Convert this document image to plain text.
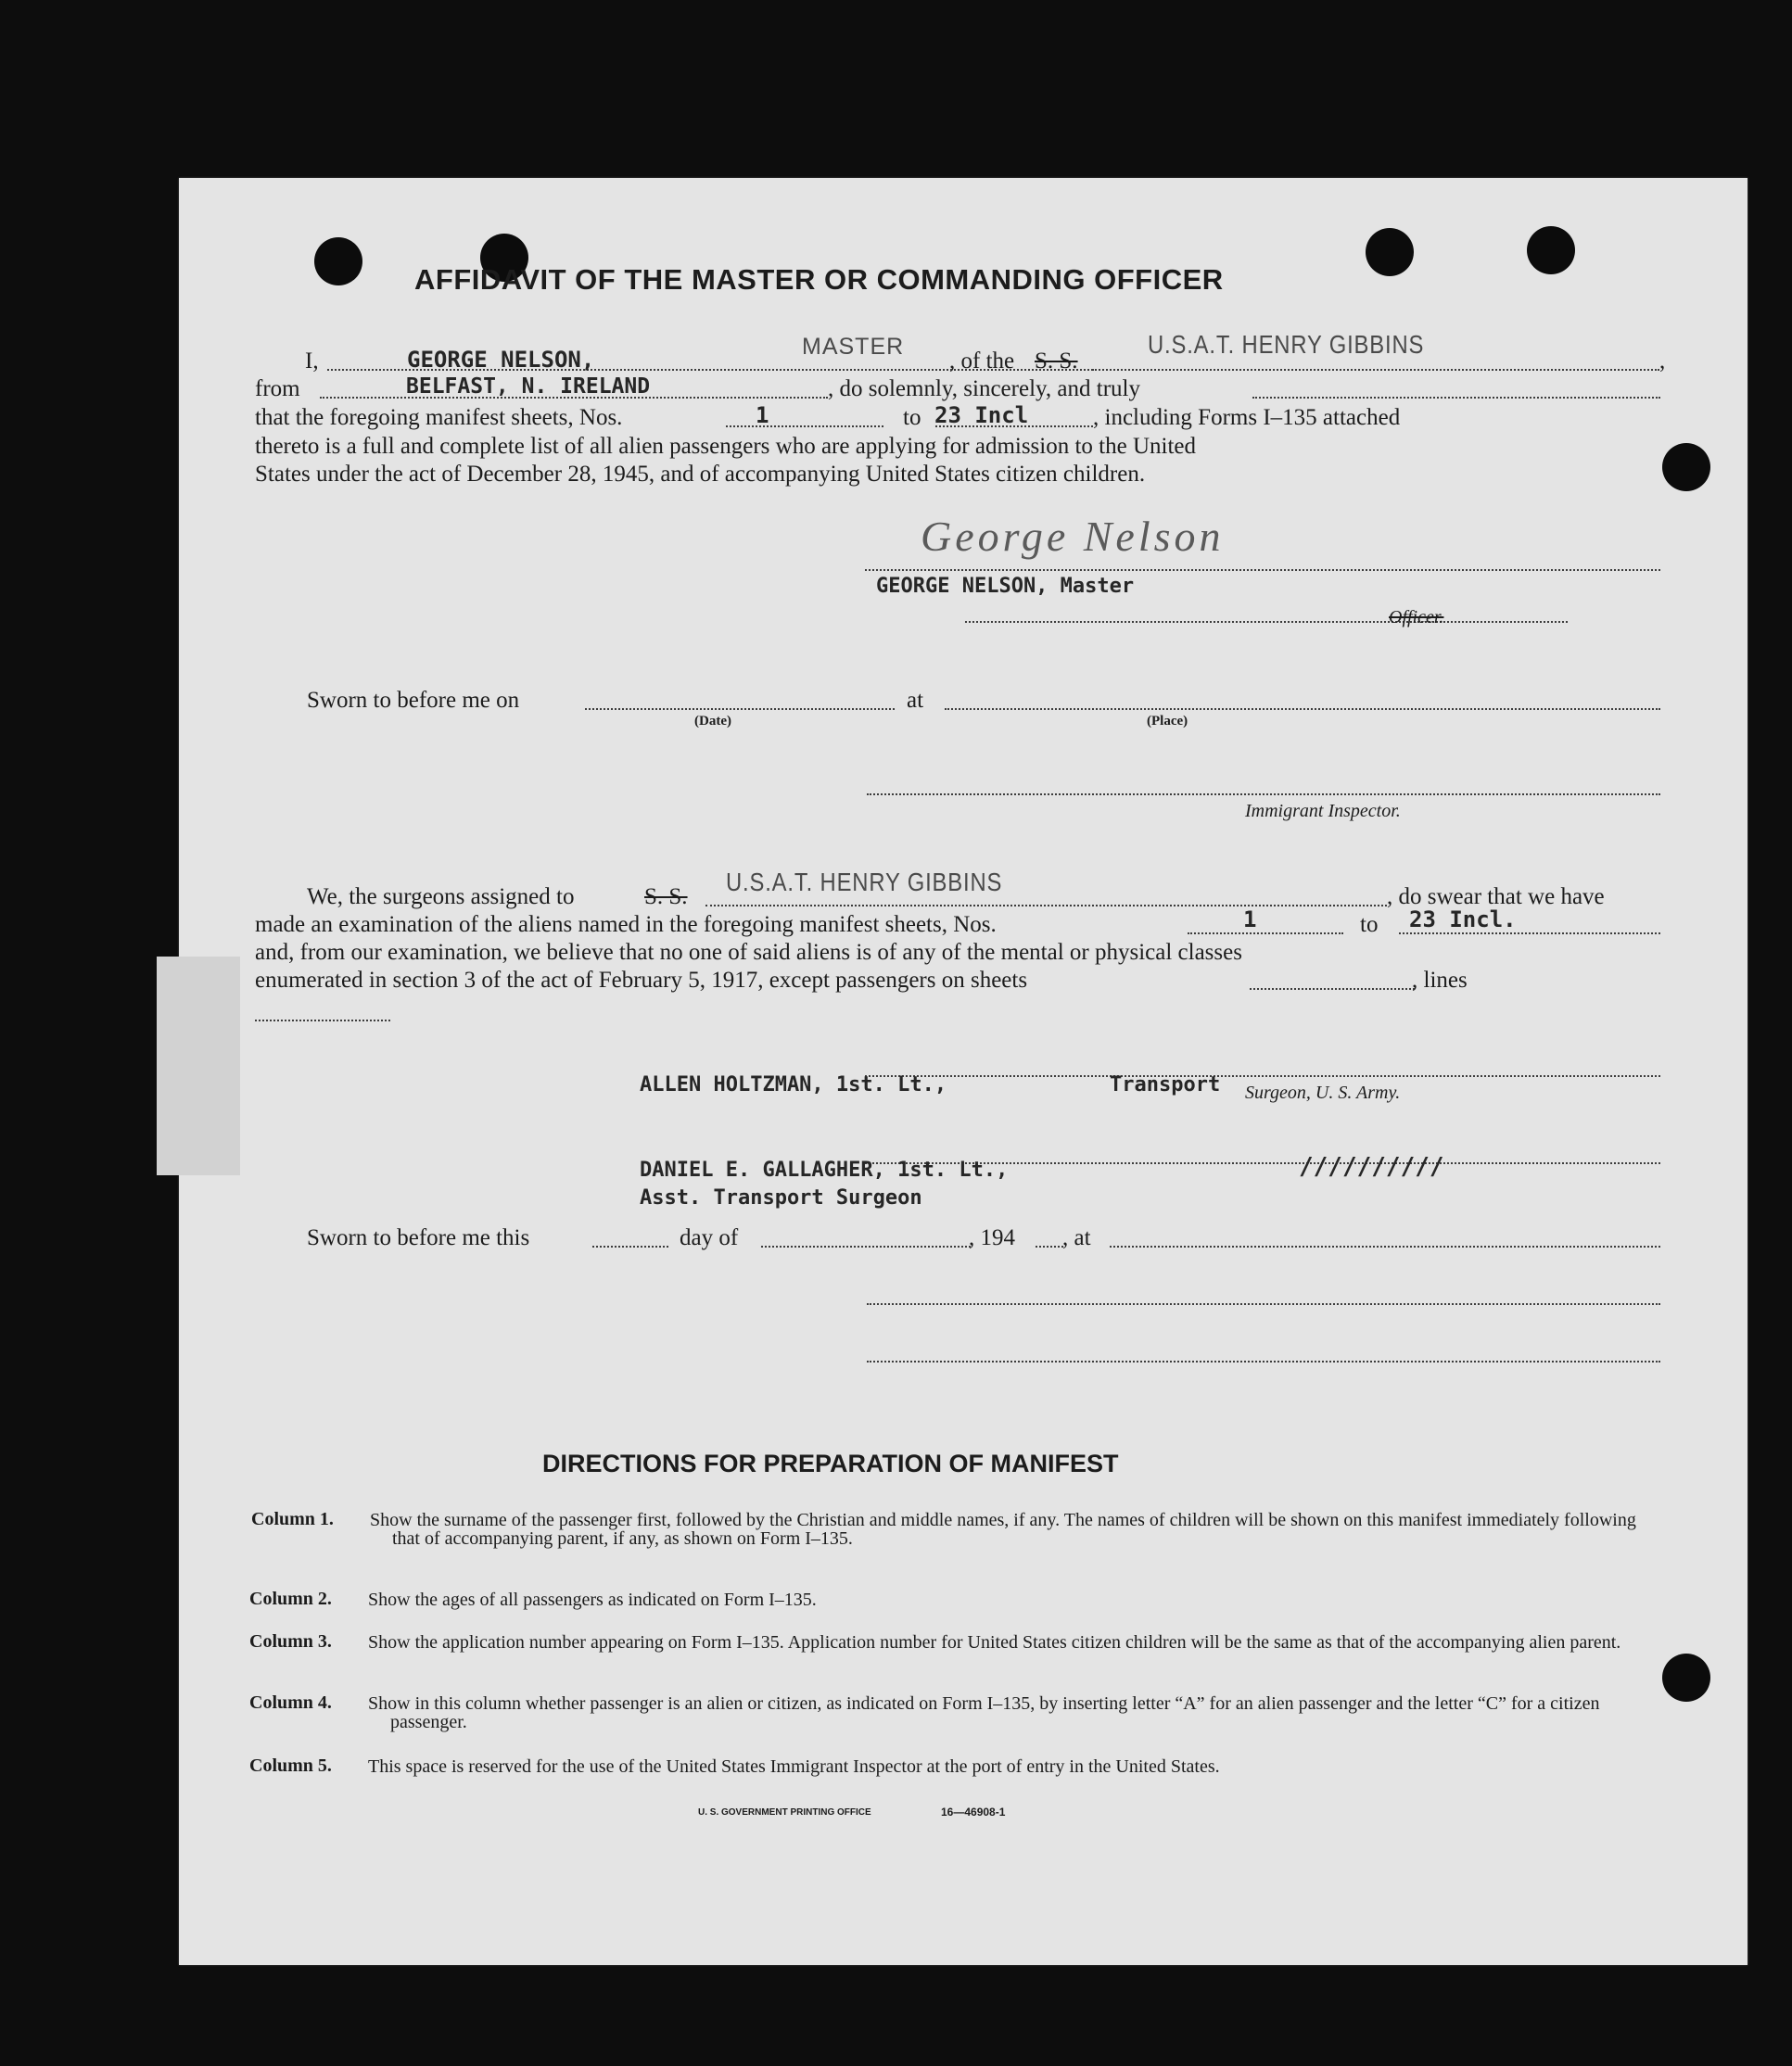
AFFIDAVIT OF THE MASTER OR COMMANDING OFFICER
I,	GEORGE NELSON,	MASTER
, of the S. S.
U.S.A.T. HENRY GIBBINS
,
from	BELFAST, N. IRELAND	, do solemnly, sincerely, and truly
that the foregoing manifest sheets, Nos.	1	to 23 Incl	, including Forms I–135 attached
thereto is a full and complete list of all alien passengers who are applying for admission to the United
States under the act of December 28, 1945, and of accompanying United States citizen children.
George Nelson
GEORGE NELSON, Master
Officer.
Sworn to before me on
(Date)
at
(Place)
Immigrant Inspector.
We, the surgeons assigned to	S. S.
U.S.A.T. HENRY GIBBINS
, do swear that we have
made an examination of the aliens named in the foregoing manifest sheets, Nos.	1	to 23 Incl.
and, from our examination, we believe that no one of said aliens is of any of the mental or physical classes
enumerated in section 3 of the act of February 5, 1917, except passengers on sheets	, lines
ALLEN HOLTZMAN, 1st. Lt.,	Transport Surgeon, U. S. Army.
DANIEL E. GALLAGHER, 1st. Lt.,	//////////
Asst. Transport Surgeon
Sworn to before me this	day of	, 194 , at
DIRECTIONS FOR PREPARATION OF MANIFEST
Column 1. Show the surname of the passenger first, followed by the Christian and middle names, if any. The names of children will be shown on this manifest immediately following that of accompanying parent, if any, as shown on Form I–135.
Column 2. Show the ages of all passengers as indicated on Form I–135.
Column 3. Show the application number appearing on Form I–135. Application number for United States citizen children will be the same as that of the accompanying alien parent.
Column 4. Show in this column whether passenger is an alien or citizen, as indicated on Form I–135, by inserting letter “A” for an alien passenger and the letter “C” for a citizen passenger.
Column 5. This space is reserved for the use of the United States Immigrant Inspector at the port of entry in the United States.
U. S. GOVERNMENT PRINTING OFFICE	16—46908-1
